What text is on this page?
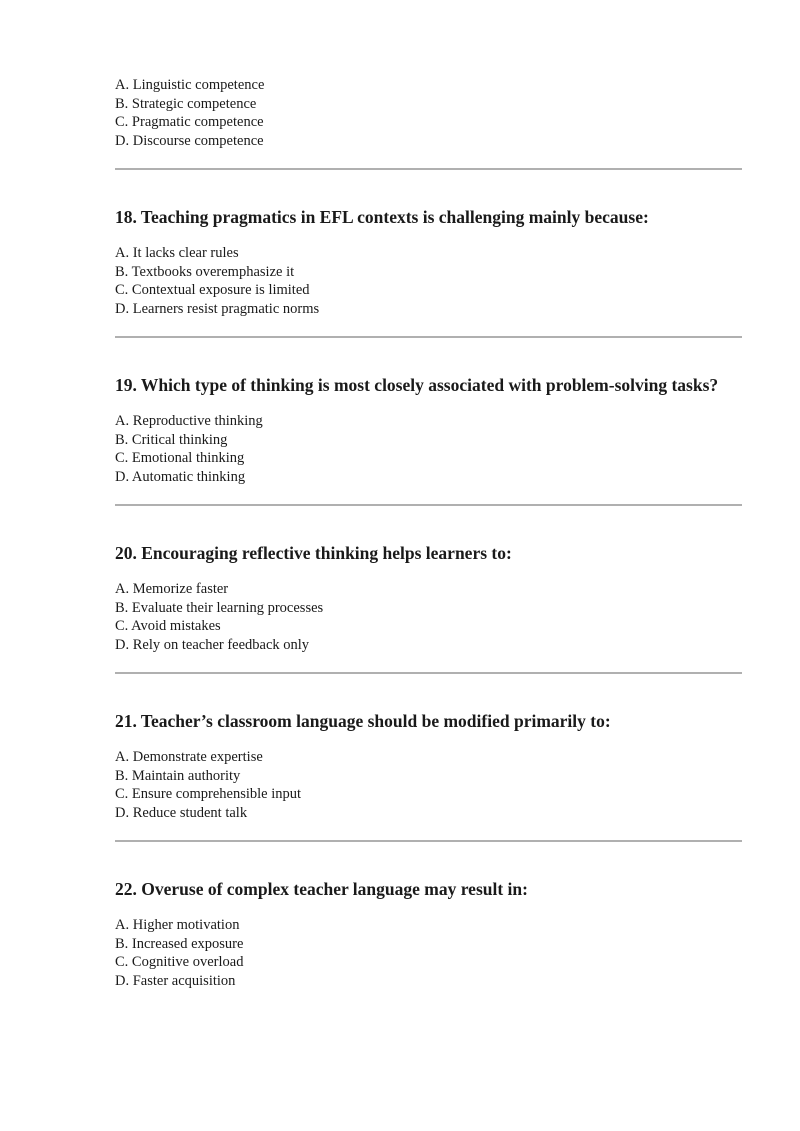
A. Linguistic competence
B. Strategic competence
C. Pragmatic competence
D. Discourse competence
18. Teaching pragmatics in EFL contexts is challenging mainly because:
A. It lacks clear rules
B. Textbooks overemphasize it
C. Contextual exposure is limited
D. Learners resist pragmatic norms
19. Which type of thinking is most closely associated with problem-solving tasks?
A. Reproductive thinking
B. Critical thinking
C. Emotional thinking
D. Automatic thinking
20. Encouraging reflective thinking helps learners to:
A. Memorize faster
B. Evaluate their learning processes
C. Avoid mistakes
D. Rely on teacher feedback only
21. Teacher’s classroom language should be modified primarily to:
A. Demonstrate expertise
B. Maintain authority
C. Ensure comprehensible input
D. Reduce student talk
22. Overuse of complex teacher language may result in:
A. Higher motivation
B. Increased exposure
C. Cognitive overload
D. Faster acquisition
